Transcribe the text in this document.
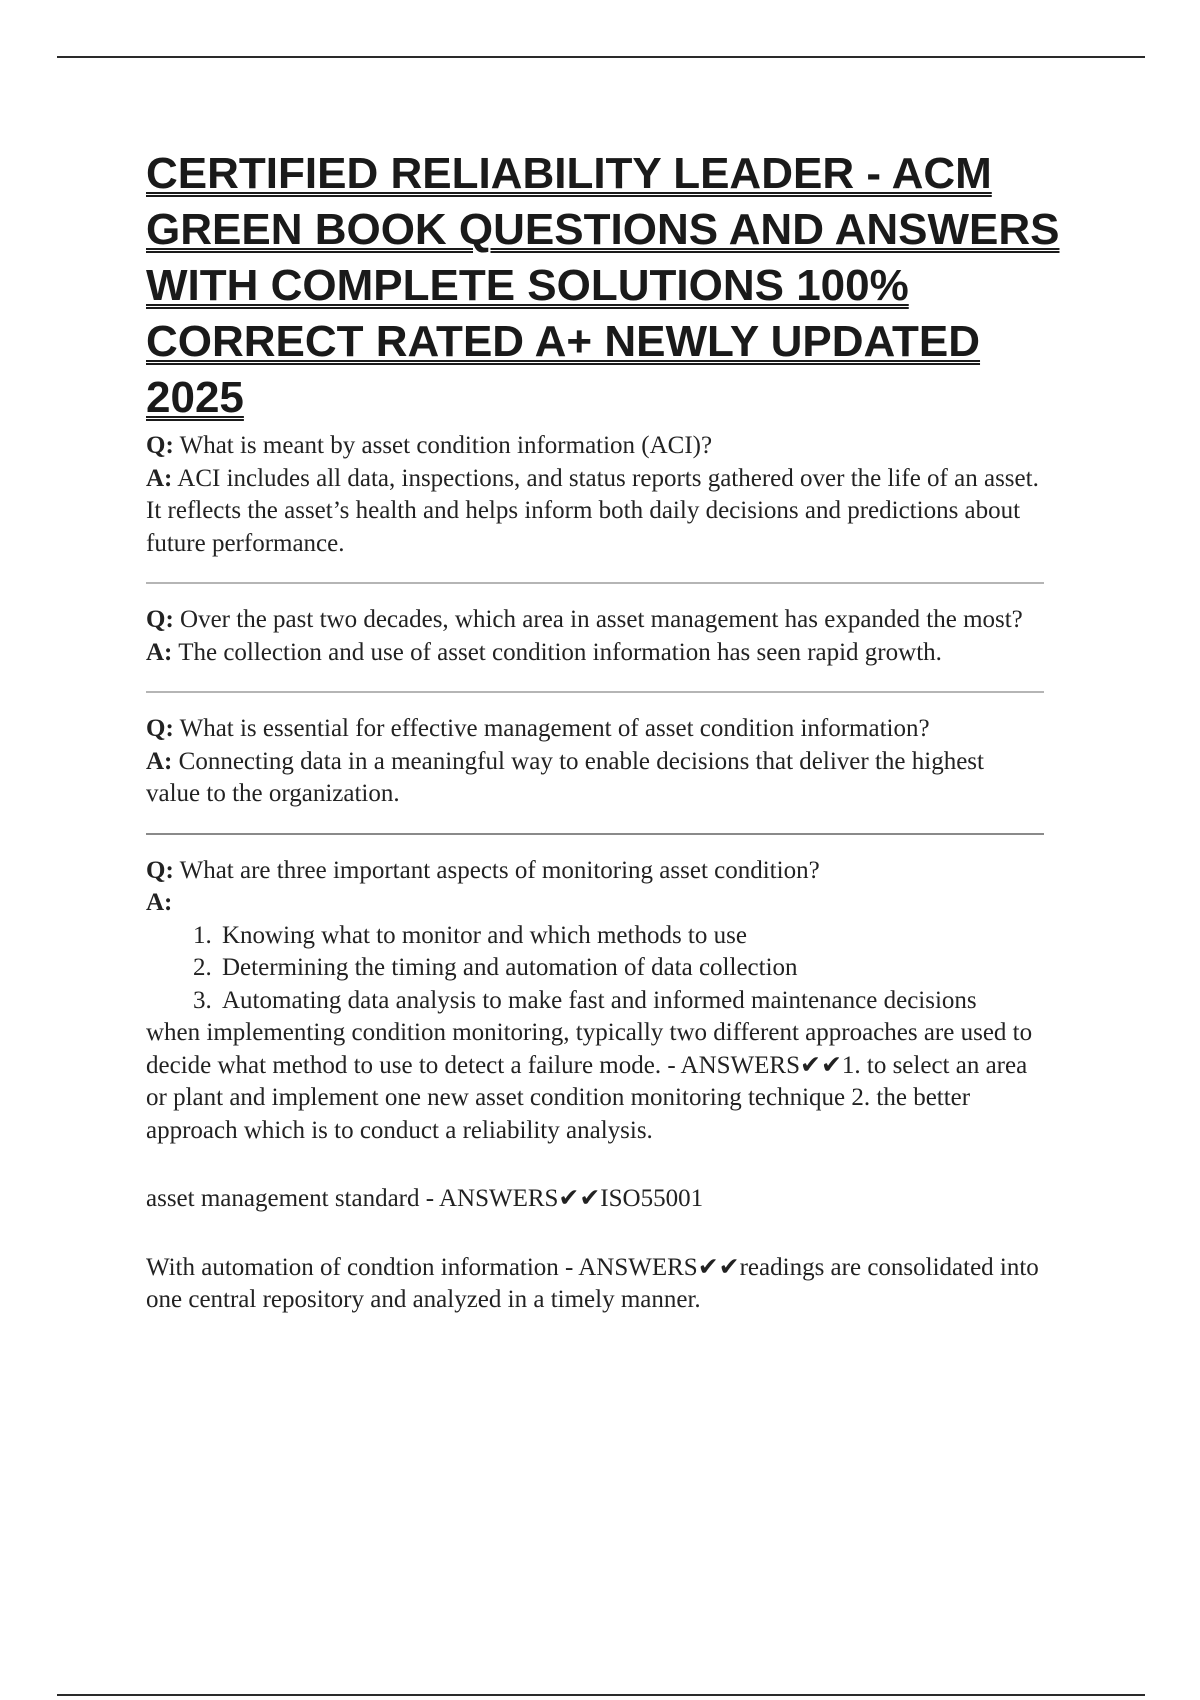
CERTIFIED RELIABILITY LEADER - ACM GREEN BOOK QUESTIONS AND ANSWERS WITH COMPLETE SOLUTIONS 100% CORRECT RATED A+ NEWLY UPDATED 2025
Q: What is meant by asset condition information (ACI)?
A: ACI includes all data, inspections, and status reports gathered over the life of an asset. It reflects the asset’s health and helps inform both daily decisions and predictions about future performance.
Q: Over the past two decades, which area in asset management has expanded the most?
A: The collection and use of asset condition information has seen rapid growth.
Q: What is essential for effective management of asset condition information?
A: Connecting data in a meaningful way to enable decisions that deliver the highest value to the organization.
Q: What are three important aspects of monitoring asset condition?
A:
1. Knowing what to monitor and which methods to use
2. Determining the timing and automation of data collection
3. Automating data analysis to make fast and informed maintenance decisions

when implementing condition monitoring, typically two different approaches are used to decide what method to use to detect a failure mode. - ANSWERS✔✔1. to select an area or plant and implement one new asset condition monitoring technique 2. the better approach which is to conduct a reliability analysis.

asset management standard - ANSWERS✔✔ISO55001

With automation of condtion information - ANSWERS✔✔readings are consolidated into one central repository and analyzed in a timely manner.
